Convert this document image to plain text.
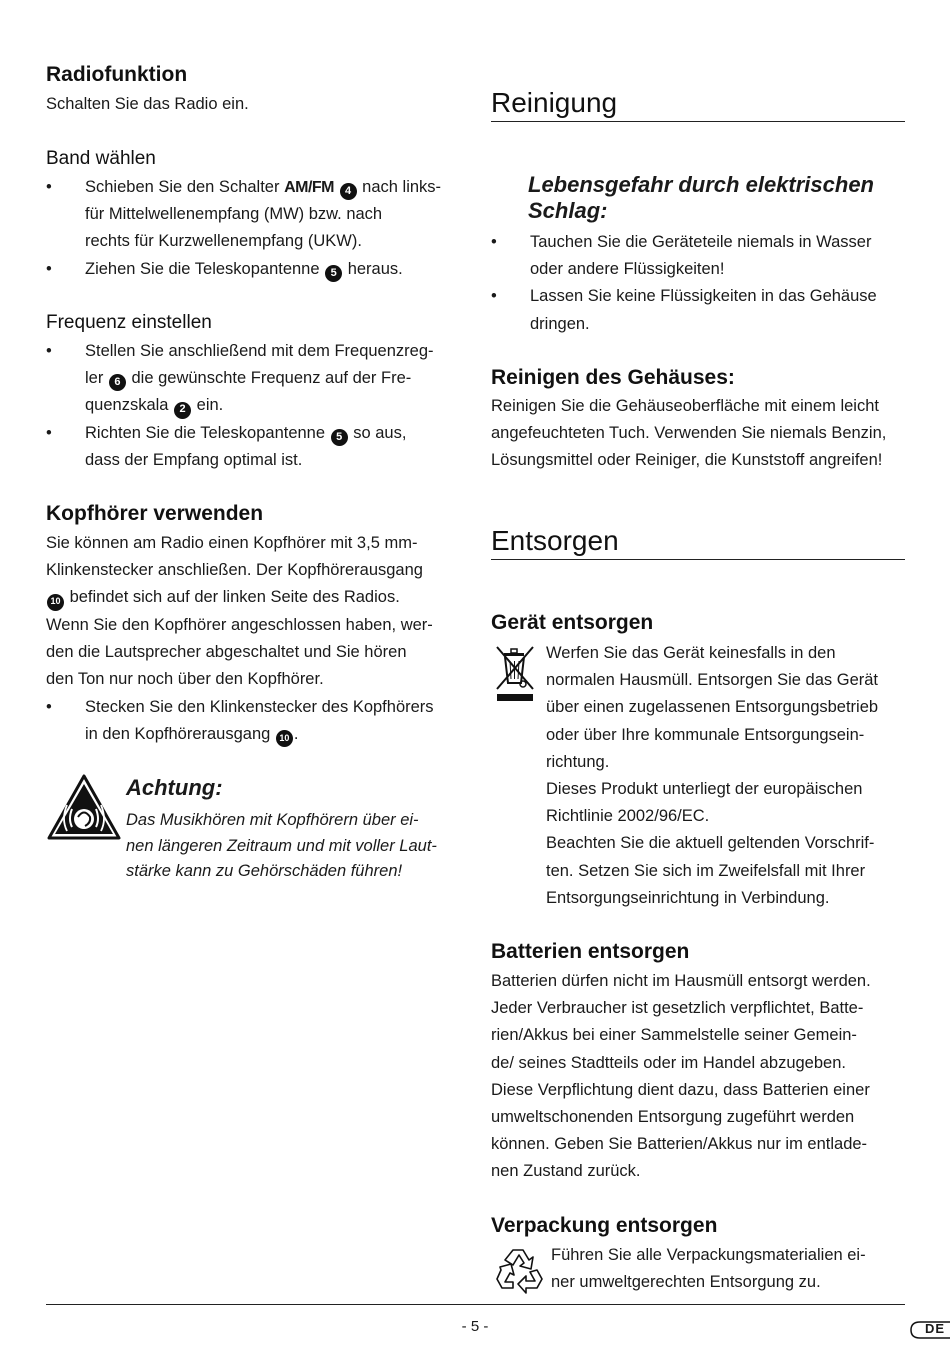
Radiofunktion

Schalten Sie das Radio ein.

Band wählen
• Schieben Sie den Schalter AM/FM 4 nach links-
für Mittelwellenempfang (MW) bzw. nach
rechts für Kurzwellenempfang (UKW).
• Ziehen Sie die Teleskopantenne 5 heraus.
Frequenz einstellen
• Stellen Sie anschließend mit dem Frequenzreg-
ler 6 die gewünschte Frequenz auf der Fre-
quenzskala 2 ein.
• Richten Sie die Teleskopantenne 5 so aus,
dass der Empfang optimal ist.
Kopfhörer verwenden

Sie können am Radio einen Kopfhörer mit 3,5 mm-

Klinkenstecker anschließen. Der Kopfhörerausgang

10 befindet sich auf der linken Seite des Radios.

Wenn Sie den Kopfhörer angeschlossen haben, wer-

den die Lautsprecher abgeschaltet und Sie hören

den Ton nur noch über den Kopfhörer.

• Stecken Sie den Klinkenstecker des Kopfhörers
in den Kopfhörerausgang 10 .
Achtung:
Das Musikhören mit Kopfhörern über ei-
nen längeren Zeitraum und mit voller Laut-
stärke kann zu Gehörschäden führen!
Reinigung
Lebensgefahr durch elektrischen
Schlag:
• Tauchen Sie die Geräteteile niemals in Wasser
oder andere Flüssigkeiten!
• Lassen Sie keine Flüssigkeiten in das Gehäuse
dringen.
Reinigen des Gehäuses:

Reinigen Sie die Gehäuseoberfläche mit einem leicht

angefeuchteten Tuch. Verwenden Sie niemals Benzin,

Lösungsmittel oder Reiniger, die Kunststoff angreifen!

Entsorgen
Gerät entsorgen

Werfen Sie das Gerät keinesfalls in den

normalen Hausmüll. Entsorgen Sie das Gerät

über einen zugelassenen Entsorgungsbetrieb

oder über Ihre kommunale Entsorgungsein-

richtung.

Dieses Produkt unterliegt der europäischen

Richtlinie 2002/96/EC.

Beachten Sie die aktuell geltenden Vorschrif-

ten. Setzen Sie sich im Zweifelsfall mit Ihrer

Entsorgungseinrichtung in Verbindung.

Batterien entsorgen

Batterien dürfen nicht im Hausmüll entsorgt werden.

Jeder Verbraucher ist gesetzlich verpflichtet, Batte-

rien/Akkus bei einer Sammelstelle seiner Gemein-

de/ seines Stadtteils oder im Handel abzugeben.

Diese Verpflichtung dient dazu, dass Batterien einer

umweltschonenden Entsorgung zugeführt werden

können. Geben Sie Batterien/Akkus nur im entlade-

nen Zustand zurück.

Verpackung entsorgen

Führen Sie alle Verpackungsmaterialien ei-

ner umweltgerechten Entsorgung zu.

- 5 -	DE
